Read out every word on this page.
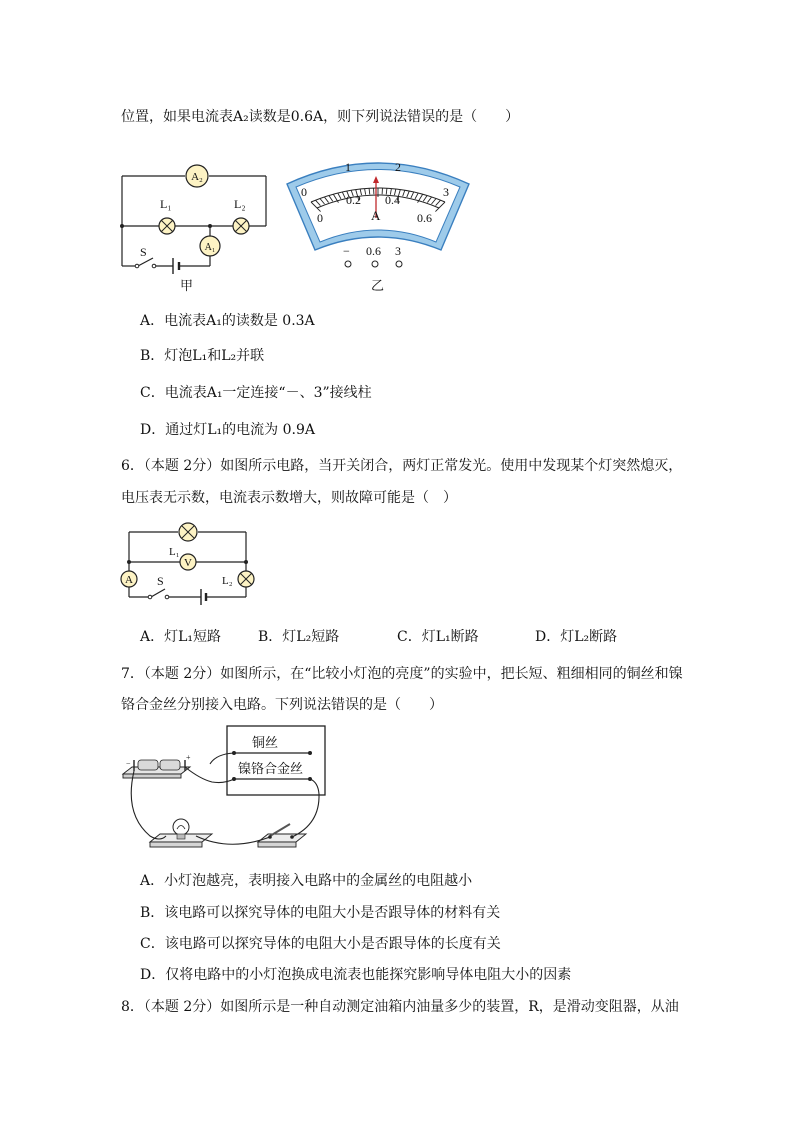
位置，如果电流表A₂读数是0.6A，则下列说法错误的是（　　）
A₂
L₁	L₂
A₁
S
甲
0
1	2
3
0
0.2 0.4
0.6
A
− 0.6 3
乙
A．电流表A₁的读数是 0.3A
B．灯泡L₁和L₂并联
C．电流表A₁一定连接“－、3”接线柱
D．通过灯L₁的电流为 0.9A
6．（本题 2分）如图所示电路，当开关闭合，两灯正常发光。使用中发现某个灯突然熄灭，
电压表无示数，电流表示数增大，则故障可能是（　）
L₁
V
A	L₂
S
A．灯L₁短路	B．灯L₂短路	C．灯L₁断路	D．灯L₂断路
7．（本题 2分）如图所示，在“比较小灯泡的亮度”的实验中，把长短、粗细相同的铜丝和镍
铬合金丝分别接入电路。下列说法错误的是（　　）
铜丝
镍铬合金丝
−
+
A．小灯泡越亮，表明接入电路中的金属丝的电阻越小
B．该电路可以探究导体的电阻大小是否跟导体的材料有关
C．该电路可以探究导体的电阻大小是否跟导体的长度有关
D．仅将电路中的小灯泡换成电流表也能探究影响导体电阻大小的因素
8．（本题 2分）如图所示是一种自动测定油箱内油量多少的装置，R，是滑动变阻器，从油
